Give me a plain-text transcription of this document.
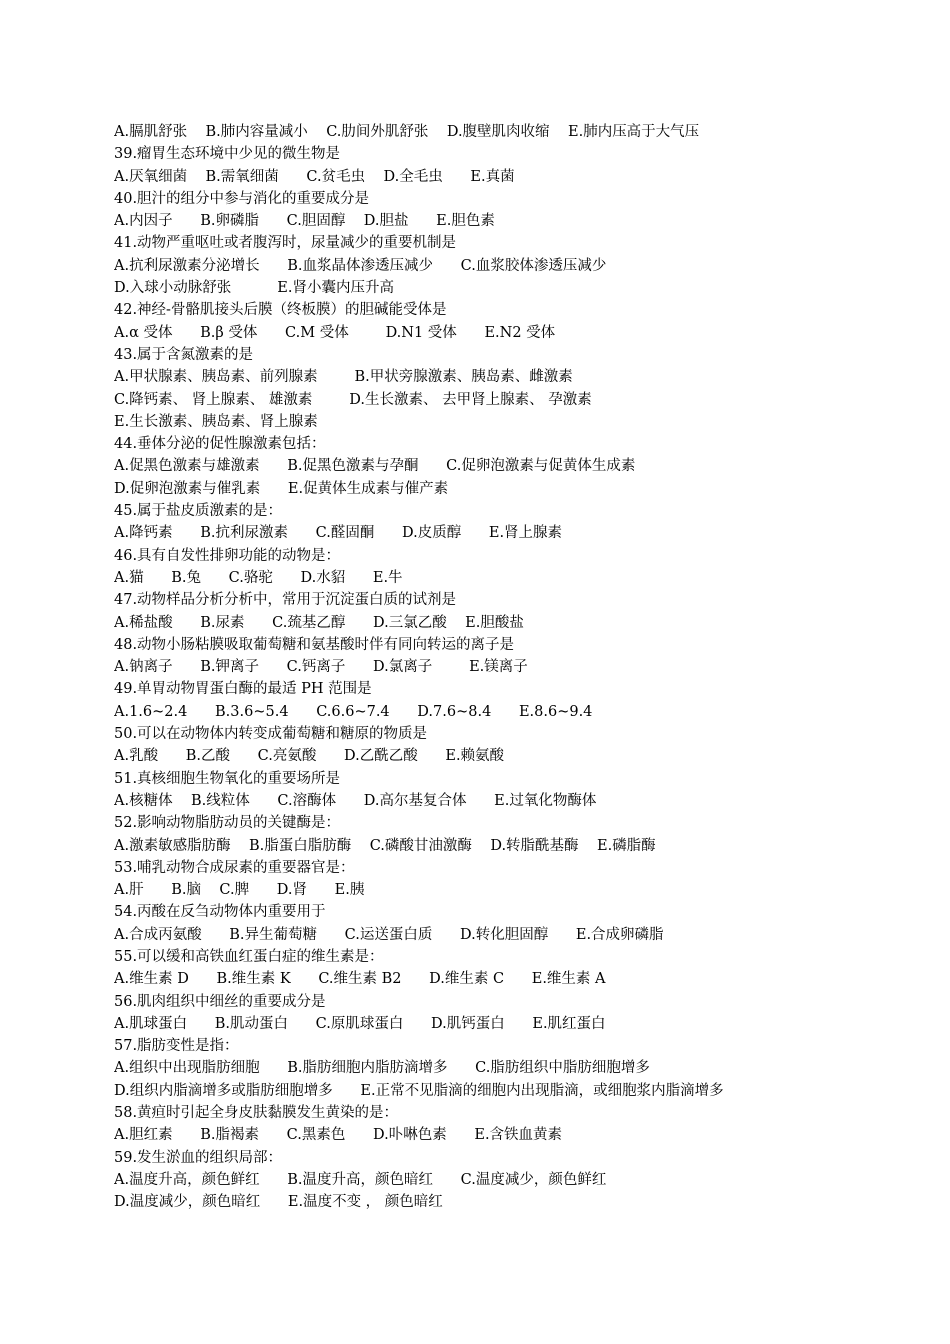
A.膈肌舒张    B.肺内容量减小    C.肋间外肌舒张    D.腹壁肌肉收缩    E.肺内压高于大气压
39.瘤胃生态环境中少见的微生物是
A.厌氧细菌    B.需氧细菌      C.贫毛虫    D.全毛虫      E.真菌
40.胆汁的组分中参与消化的重要成分是
A.内因子      B.卵磷脂      C.胆固醇    D.胆盐      E.胆色素
41.动物严重呕吐或者腹泻时，尿量减少的重要机制是
A.抗利尿激素分泌增长      B.血浆晶体渗透压减少      C.血浆胶体渗透压减少
D.入球小动脉舒张          E.肾小囊内压升高
42.神经-骨骼肌接头后膜（终板膜）的胆碱能受体是
A.α 受体      B.β 受体      C.M 受体        D.N1 受体      E.N2 受体
43.属于含氮激素的是
A.甲状腺素、胰岛素、前列腺素        B.甲状旁腺激素、胰岛素、雌激素
C.降钙素、 肾上腺素、 雄激素        D.生长激素、 去甲肾上腺素、 孕激素
E.生长激素、胰岛素、肾上腺素
44.垂体分泌的促性腺激素包括：
A.促黑色激素与雄激素      B.促黑色激素与孕酮      C.促卵泡激素与促黄体生成素
D.促卵泡激素与催乳素      E.促黄体生成素与催产素
45.属于盐皮质激素的是：
A.降钙素      B.抗利尿激素      C.醛固酮      D.皮质醇      E.肾上腺素
46.具有自发性排卵功能的动物是：
A.猫      B.兔      C.骆驼      D.水貂      E.牛
47.动物样品分析分析中，常用于沉淀蛋白质的试剂是
A.稀盐酸      B.尿素      C.巯基乙醇      D.三氯乙酸    E.胆酸盐
48.动物小肠粘膜吸取葡萄糖和氨基酸时伴有同向转运的离子是
A.钠离子      B.钾离子      C.钙离子      D.氯离子        E.镁离子
49.单胃动物胃蛋白酶的最适 PH 范围是
A.1.6~2.4      B.3.6~5.4      C.6.6~7.4      D.7.6~8.4      E.8.6~9.4
50.可以在动物体内转变成葡萄糖和糖原的物质是
A.乳酸      B.乙酸      C.亮氨酸      D.乙酰乙酸      E.赖氨酸
51.真核细胞生物氧化的重要场所是
A.核糖体    B.线粒体      C.溶酶体      D.高尔基复合体      E.过氧化物酶体
52.影响动物脂肪动员的关键酶是：
A.激素敏感脂肪酶    B.脂蛋白脂肪酶    C.磷酸甘油激酶    D.转脂酰基酶    E.磷脂酶
53.哺乳动物合成尿素的重要器官是：
A.肝      B.脑    C.脾      D.肾      E.胰
54.丙酸在反刍动物体内重要用于
A.合成丙氨酸      B.异生葡萄糖      C.运送蛋白质      D.转化胆固醇      E.合成卵磷脂
55.可以缓和高铁血红蛋白症的维生素是：
A.维生素 D      B.维生素 K      C.维生素 B2      D.维生素 C      E.维生素 A
56.肌肉组织中细丝的重要成分是
A.肌球蛋白      B.肌动蛋白      C.原肌球蛋白      D.肌钙蛋白      E.肌红蛋白
57.脂肪变性是指：
A.组织中出现脂肪细胞      B.脂肪细胞内脂肪滴增多      C.脂肪组织中脂肪细胞增多
D.组织内脂滴增多或脂肪细胞增多      E.正常不见脂滴的细胞内出现脂滴，或细胞浆内脂滴增多
58.黄疸时引起全身皮肤黏膜发生黄染的是：
A.胆红素      B.脂褐素      C.黑素色      D.卟啉色素      E.含铁血黄素
59.发生淤血的组织局部：
A.温度升高，颜色鲜红      B.温度升高，颜色暗红      C.温度减少，颜色鲜红
D.温度减少，颜色暗红      E.温度不变 ， 颜色暗红
